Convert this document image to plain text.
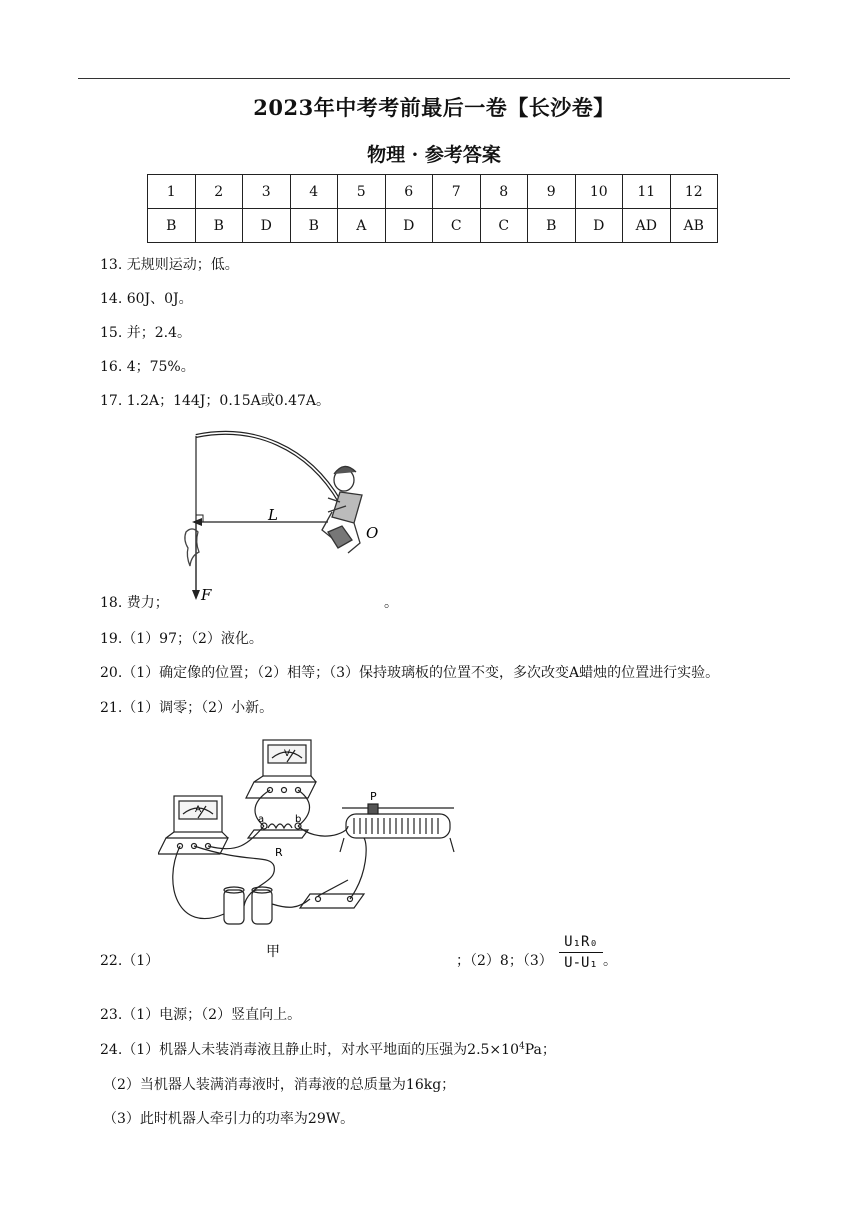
2023年中考考前最后一卷【长沙卷】
物理 · 参考答案
1	2	3	4	5	6	7	8	9	10	11	12
B	B	D	B	A	D	C	C	B	D	AD	AB
13. 无规则运动；低。
14. 60J、0J。
15. 并；2.4。
16. 4；75%。
17. 1.2A；144J；0.15A或0.47A。
L
O
F
18. 费力；	。
19.（1）97；（2）液化。
20.（1）确定像的位置；（2）相等；（3）保持玻璃板的位置不变，多次改变A蜡烛的位置进行实验。
21.（1）调零；（2）小新。
V
A
P
a	b
R
甲
22.（1）	；（2）8；$(3) \frac{\text{U₁R₀}}{\text{U-U₁}}$ 。
23.（1）电源；（2）竖直向上。
24.（1）机器人未装消毒液且静止时，对水平地面的压强为$2.5\times 10^4Pa$；
（2）当机器人装满消毒液时，消毒液的总质量为16kg；
（3）此时机器人牵引力的功率为29W。
